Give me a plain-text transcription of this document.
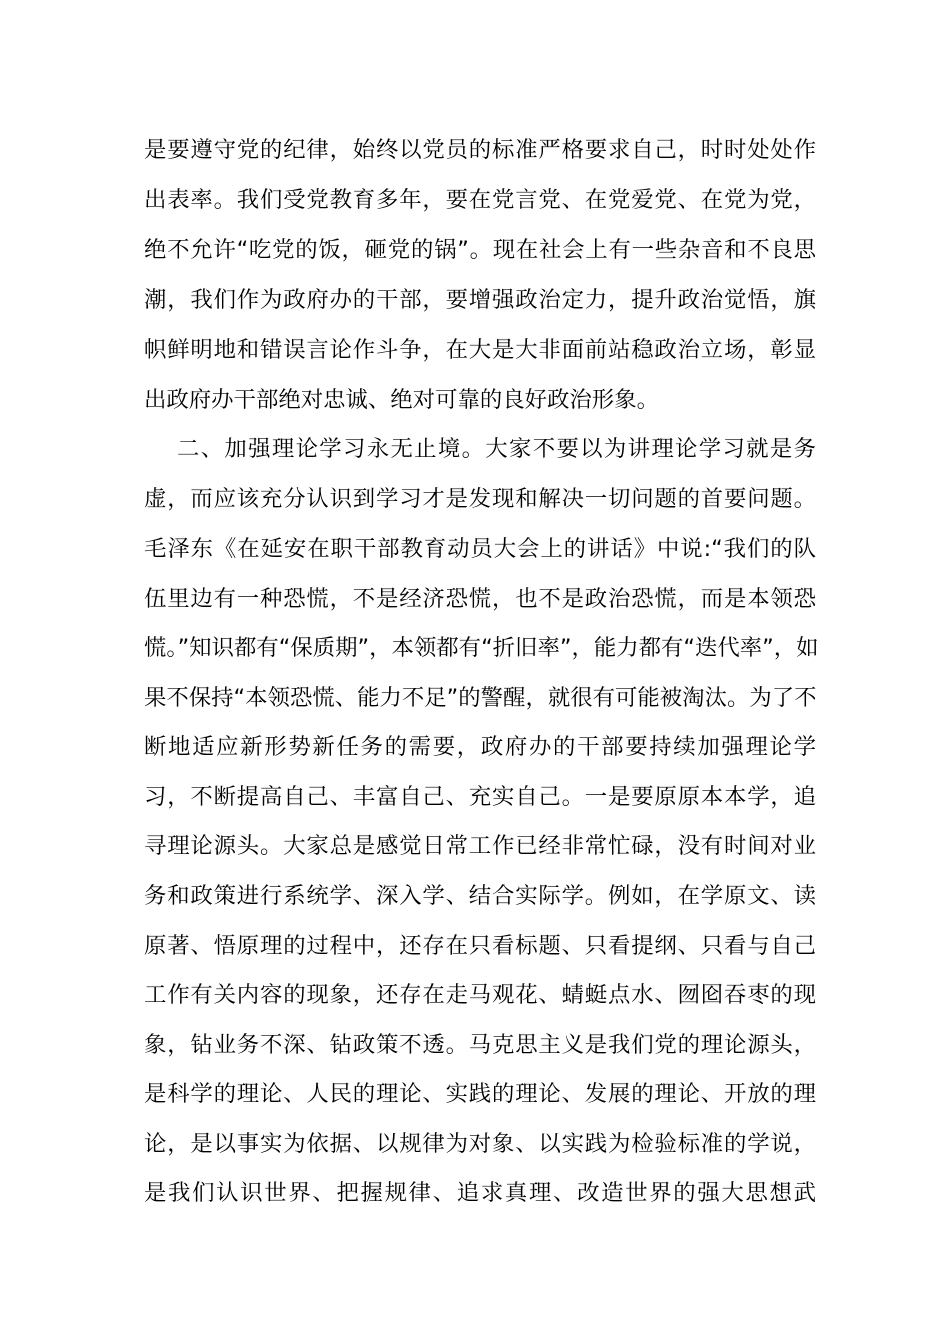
是要遵守党的纪律，始终以党员的标准严格要求自己，时时处处作
出表率。我们受党教育多年，要在党言党、在党爱党、在党为党，
绝不允许“吃党的饭，砸党的锅”。现在社会上有一些杂音和不良思
潮，我们作为政府办的干部，要增强政治定力，提升政治觉悟，旗
帜鲜明地和错误言论作斗争，在大是大非面前站稳政治立场，彰显
出政府办干部绝对忠诚、绝对可靠的良好政治形象。
二、加强理论学习永无止境。大家不要以为讲理论学习就是务
虚，而应该充分认识到学习才是发现和解决一切问题的首要问题。
毛泽东《在延安在职干部教育动员大会上的讲话》中说:“我们的队
伍里边有一种恐慌，不是经济恐慌，也不是政治恐慌，而是本领恐
慌。”知识都有“保质期”，本领都有“折旧率”，能力都有“迭代率”，如
果不保持“本领恐慌、能力不足”的警醒，就很有可能被淘汰。为了不
断地适应新形势新任务的需要，政府办的干部要持续加强理论学
习，不断提高自己、丰富自己、充实自己。一是要原原本本学，追
寻理论源头。大家总是感觉日常工作已经非常忙碌，没有时间对业
务和政策进行系统学、深入学、结合实际学。例如，在学原文、读
原著、悟原理的过程中，还存在只看标题、只看提纲、只看与自己
工作有关内容的现象，还存在走马观花、蜻蜓点水、囫囵吞枣的现
象，钻业务不深、钻政策不透。马克思主义是我们党的理论源头，
是科学的理论、人民的理论、实践的理论、发展的理论、开放的理
论，是以事实为依据、以规律为对象、以实践为检验标准的学说，
是我们认识世界、把握规律、追求真理、改造世界的强大思想武
